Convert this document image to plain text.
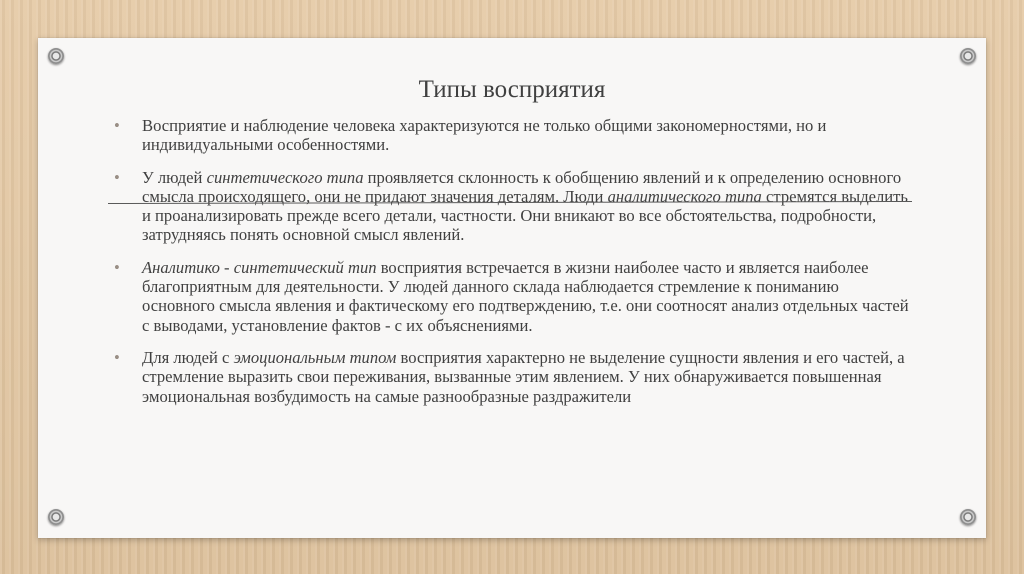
Типы восприятия
• Восприятие и наблюдение человека характеризуются не только общими закономерностями, но и индивидуальными особенностями.
• У людей синтетического типа проявляется склонность к обобщению явлений и к определению основного смысла происходящего, они не придают значения деталям. Люди аналитического типа стремятся выделить и проанализировать прежде всего детали, частности. Они вникают во все обстоятельства, подробности, затрудняясь понять основной смысл явлений.
• Аналитико - синтетический тип восприятия встречается в жизни наиболее часто и является наиболее благоприятным для деятельности. У людей данного склада наблюдается стремление к пониманию основного смысла явления и фактическому его подтверждению, т.е. они соотносят анализ отдельных частей с выводами, установление фактов - с их объяснениями.
• Для людей с эмоциональным типом восприятия характерно не выделение сущности явления и его частей, а стремление выразить свои переживания, вызванные этим явлением. У них обнаруживается повышенная эмоциональная возбудимость на самые разнообразные раздражители
